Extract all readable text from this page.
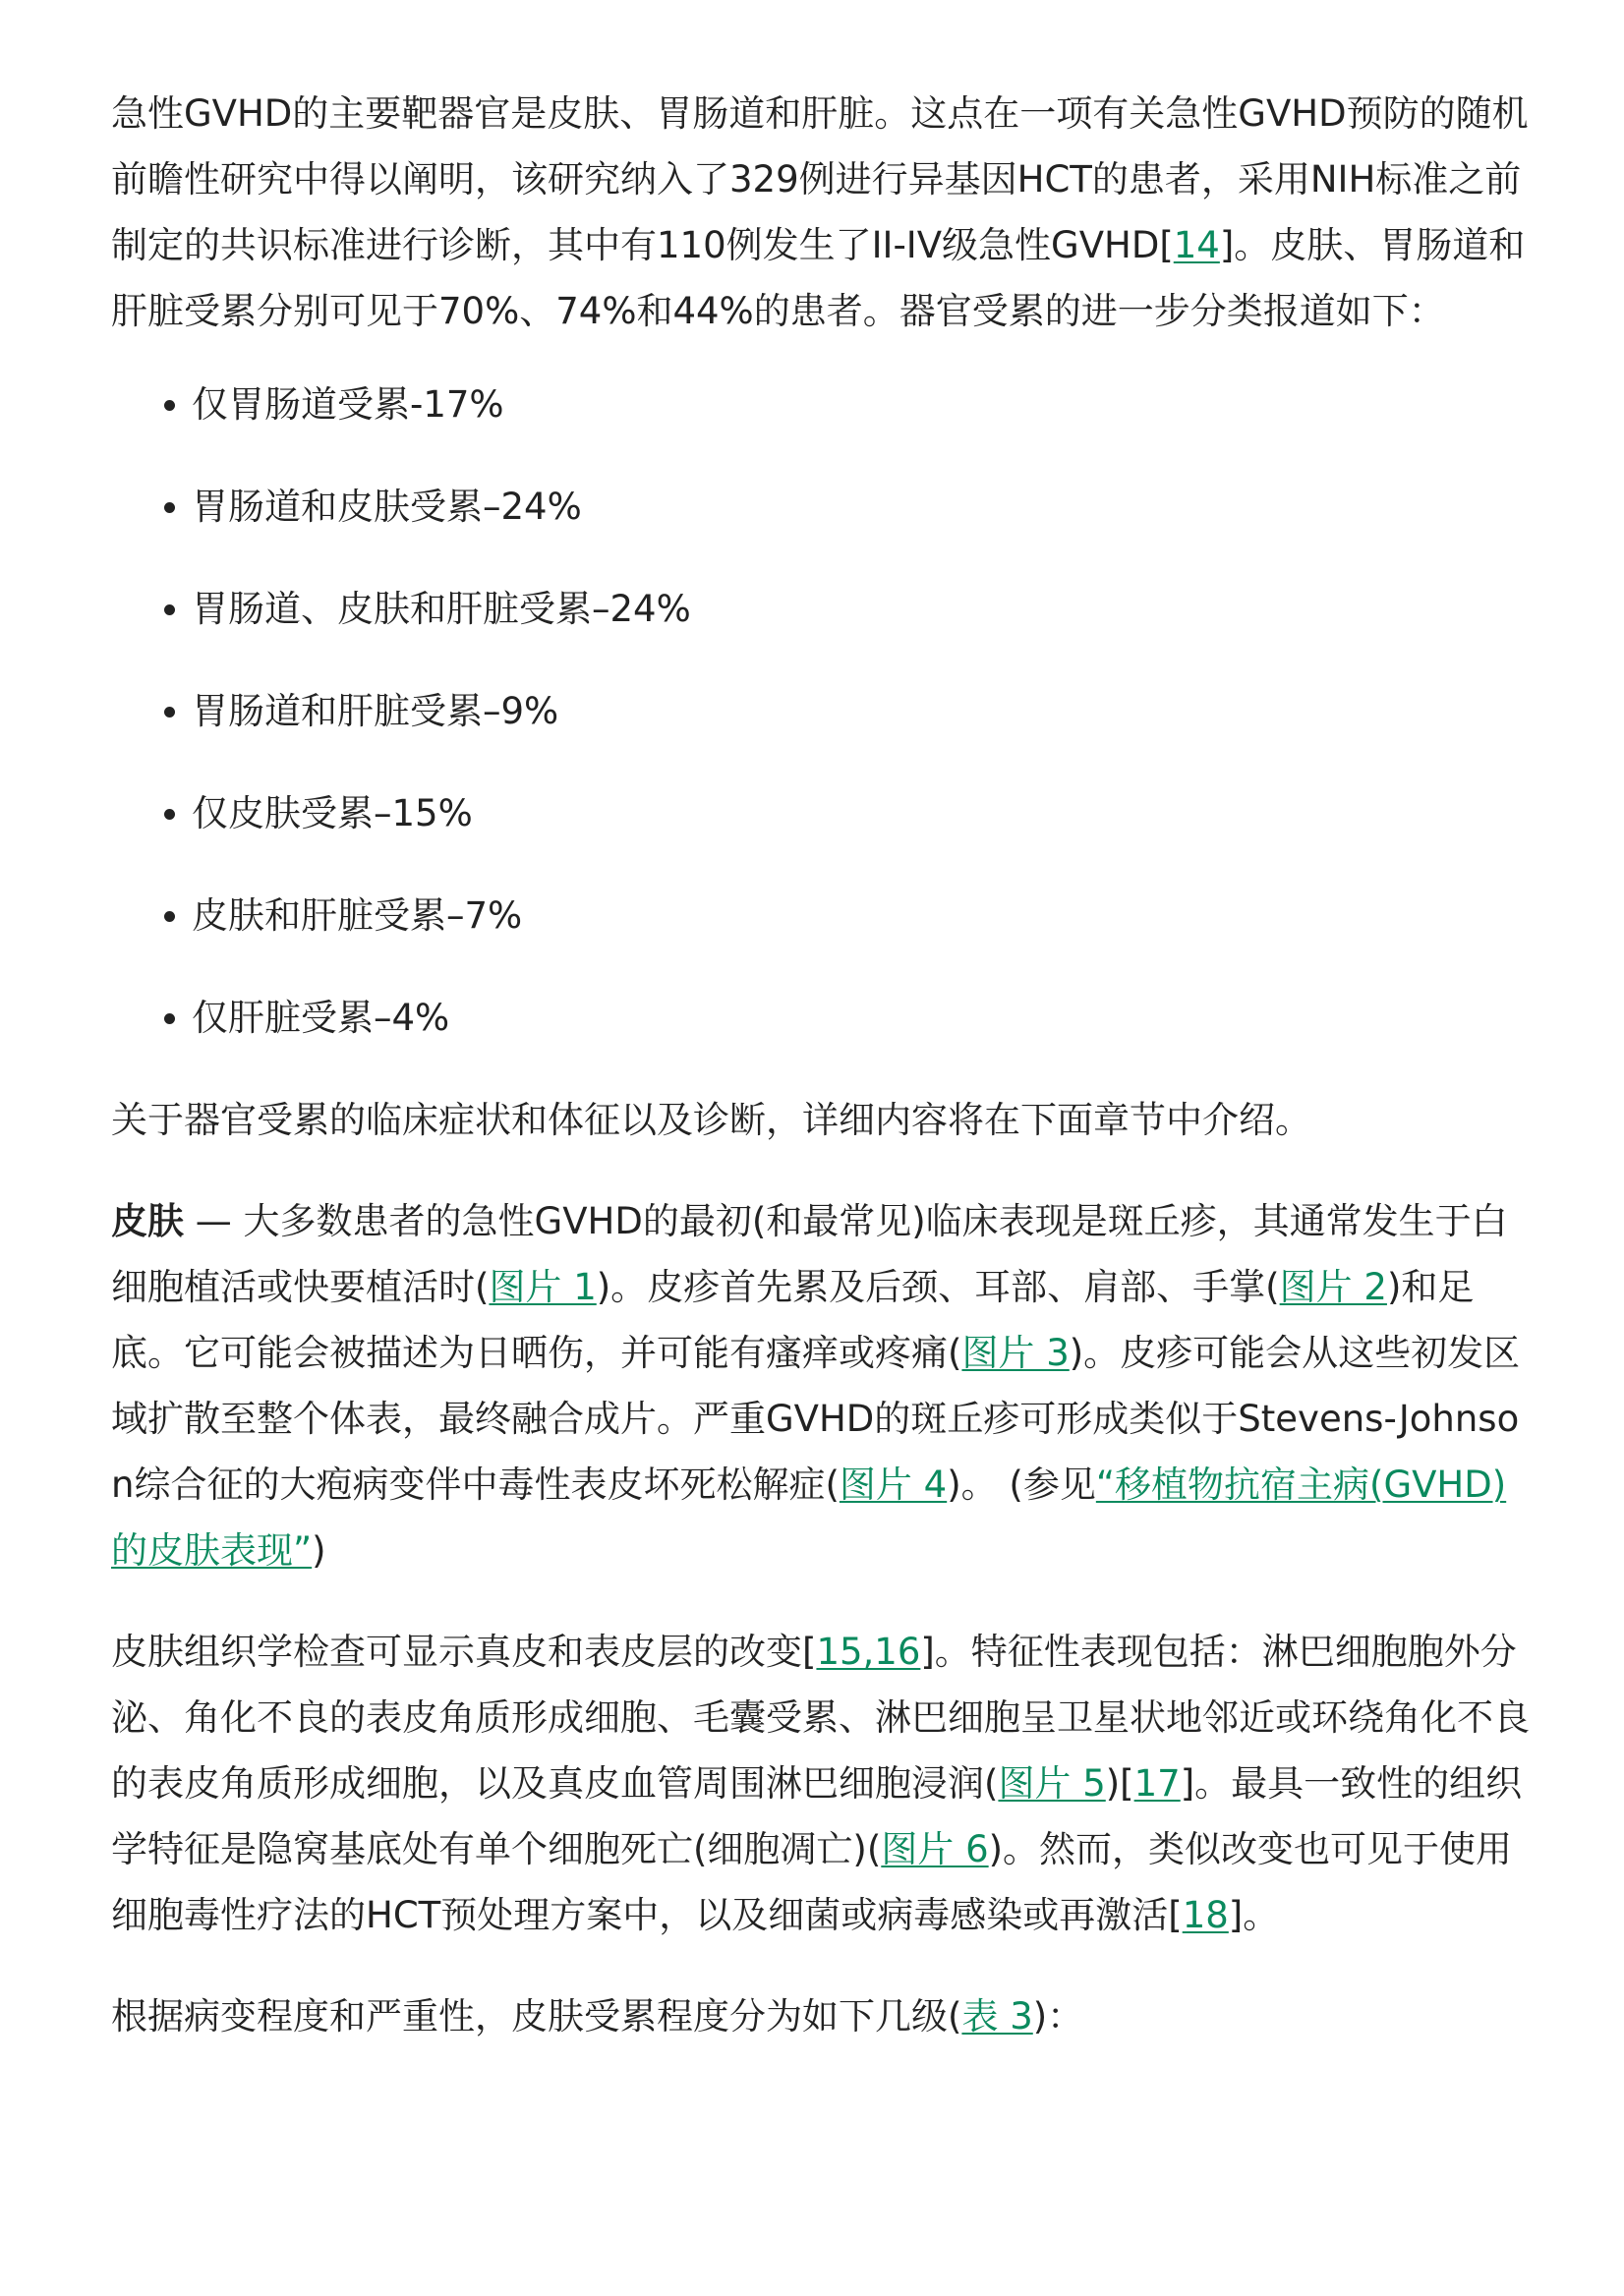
急性GVHD的主要靶器官是皮肤、胃肠道和肝脏。这点在一项有关急性GVHD预防的随机前瞻性研究中得以阐明，该研究纳入了329例进行异基因HCT的患者，采用NIH标准之前制定的共识标准进行诊断，其中有110例发生了II-IV级急性GVHD[14]。皮肤、胃肠道和肝脏受累分别可见于70%、74%和44%的患者。器官受累的进一步分类报道如下：

仅胃肠道受累-17%
胃肠道和皮肤受累–24%
胃肠道、皮肤和肝脏受累–24%
胃肠道和肝脏受累–9%
仅皮肤受累–15%
皮肤和肝脏受累–7%
仅肝脏受累–4%

关于器官受累的临床症状和体征以及诊断，详细内容将在下面章节中介绍。

皮肤 — 大多数患者的急性GVHD的最初(和最常见)临床表现是斑丘疹，其通常发生于白细胞植活或快要植活时(图片 1)。皮疹首先累及后颈、耳部、肩部、手掌(图片 2)和足底。它可能会被描述为日晒伤，并可能有瘙痒或疼痛(图片 3)。皮疹可能会从这些初发区域扩散至整个体表，最终融合成片。严重GVHD的斑丘疹可形成类似于Stevens-Johnson综合征的大疱病变伴中毒性表皮坏死松解症(图片 4)。 (参见“移植物抗宿主病(GVHD)的皮肤表现”)

皮肤组织学检查可显示真皮和表皮层的改变[15,16]。特征性表现包括：淋巴细胞胞外分泌、角化不良的表皮角质形成细胞、毛囊受累、淋巴细胞呈卫星状地邻近或环绕角化不良的表皮角质形成细胞，以及真皮血管周围淋巴细胞浸润(图片 5)[17]。最具一致性的组织学特征是隐窝基底处有单个细胞死亡(细胞凋亡)(图片 6)。然而，类似改变也可见于使用细胞毒性疗法的HCT预处理方案中，以及细菌或病毒感染或再激活[18]。

根据病变程度和严重性，皮肤受累程度分为如下几级(表 3)：
